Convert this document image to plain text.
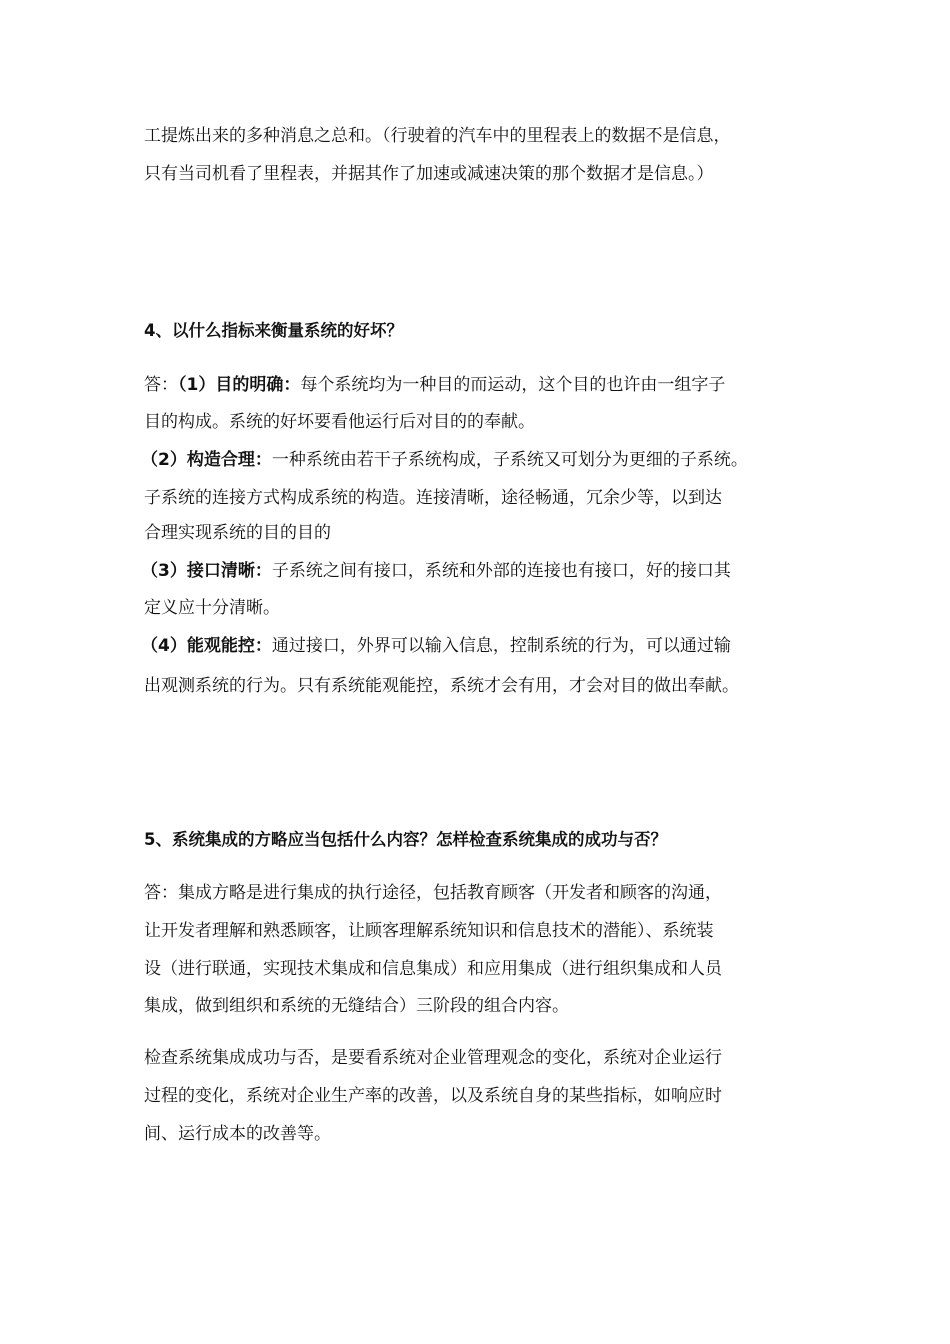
工提炼出来的多种消息之总和。（行驶着的汽车中的里程表上的数据不是信息，
只有当司机看了里程表，并据其作了加速或减速决策的那个数据才是信息。）
4、以什么指标来衡量系统的好坏？
答：（1）目的明确：每个系统均为一种目的而运动，这个目的也许由一组字子
目的构成。系统的好坏要看他运行后对目的的奉献。
（2）构造合理：一种系统由若干子系统构成，子系统又可划分为更细的子系统。
子系统的连接方式构成系统的构造。连接清晰，途径畅通，冗余少等，以到达
合理实现系统的目的目的
（3）接口清晰：子系统之间有接口，系统和外部的连接也有接口，好的接口其
定义应十分清晰。
（4）能观能控：通过接口，外界可以输入信息，控制系统的行为，可以通过输
出观测系统的行为。只有系统能观能控，系统才会有用，才会对目的做出奉献。
5、系统集成的方略应当包括什么内容？怎样检查系统集成的成功与否？
答：集成方略是进行集成的执行途径，包括教育顾客（开发者和顾客的沟通，
让开发者理解和熟悉顾客，让顾客理解系统知识和信息技术的潜能）、系统装
设（进行联通，实现技术集成和信息集成）和应用集成（进行组织集成和人员
集成，做到组织和系统的无缝结合）三阶段的组合内容。
检查系统集成成功与否，是要看系统对企业管理观念的变化，系统对企业运行
过程的变化，系统对企业生产率的改善，以及系统自身的某些指标，如响应时
间、运行成本的改善等。
